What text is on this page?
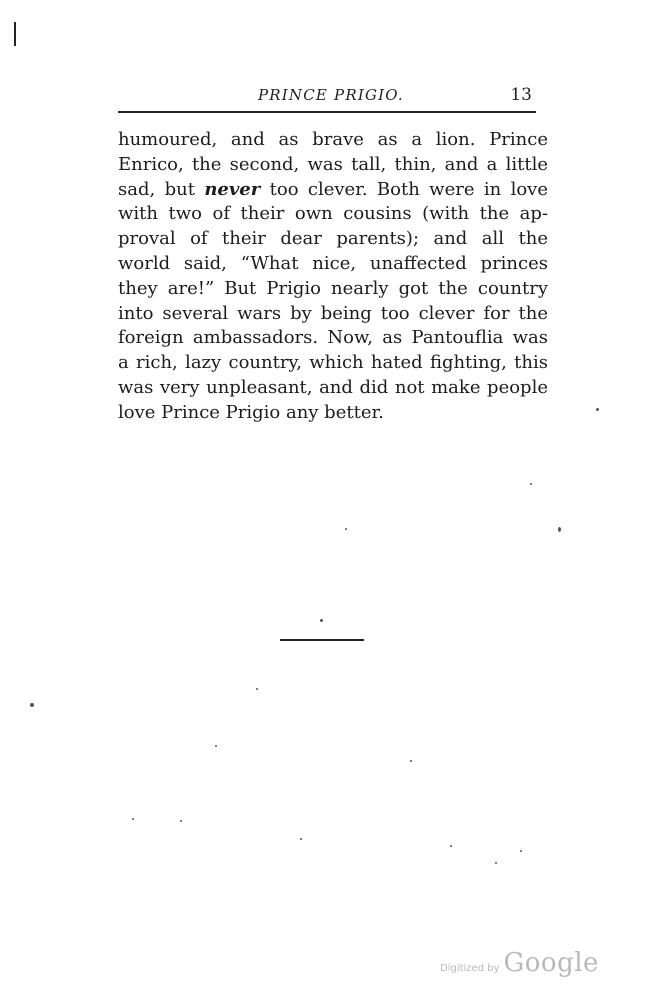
PRINCE PRIGIO.	13
humoured, and as brave as a lion. Prince
Enrico, the second, was tall, thin, and a little
sad, but never too clever. Both were in love
with two of their own cousins (with the ap-
proval of their dear parents); and all the
world said, “What nice, unaffected princes
they are!” But Prigio nearly got the country
into several wars by being too clever for the
foreign ambassadors. Now, as Pantouflia was
a rich, lazy country, which hated fighting, this
was very unpleasant, and did not make people
love Prince Prigio any better.
Digitized by Google
